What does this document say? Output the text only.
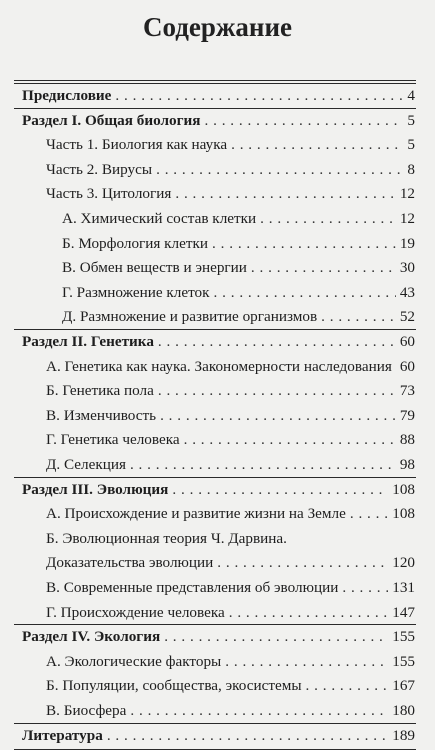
Содержание
Предисловие	4
. . .
Раздел I. Общая биология	5
. . .
Часть 1. Биология как наука	5
. . .
Часть 2. Вирусы	8
. . .
Часть 3. Цитология	12
. . .
А. Химический состав клетки	12
. . .
Б. Морфология клетки	19
. . .
В. Обмен веществ и энергии	30
. . .
Г. Размножение клеток	43
. . .
Д. Размножение и развитие организмов	52
. . .
Раздел II. Генетика	60
. . .
А. Генетика как наука. Закономерности наследования 60
Б. Генетика пола	73
. . .
В. Изменчивость	79
. . .
Г. Генетика человека	88
. . .
Д. Селекция	98
. . .
Раздел III. Эволюция	108
. . .
А. Происхождение и развитие жизни на Земле	108
. . .
Б. Эволюционная теория Ч. Дарвина.
Доказательства эволюции	120
. . .
В. Современные представления об эволюции	131
. . .
Г. Происхождение человека	147
. . .
Раздел IV. Экология	155
. . .
А. Экологические факторы	155
. . .
Б. Популяции, сообщества, экосистемы	167
. . .
В. Биосфера	180
. . .
Литература	189
. . .
